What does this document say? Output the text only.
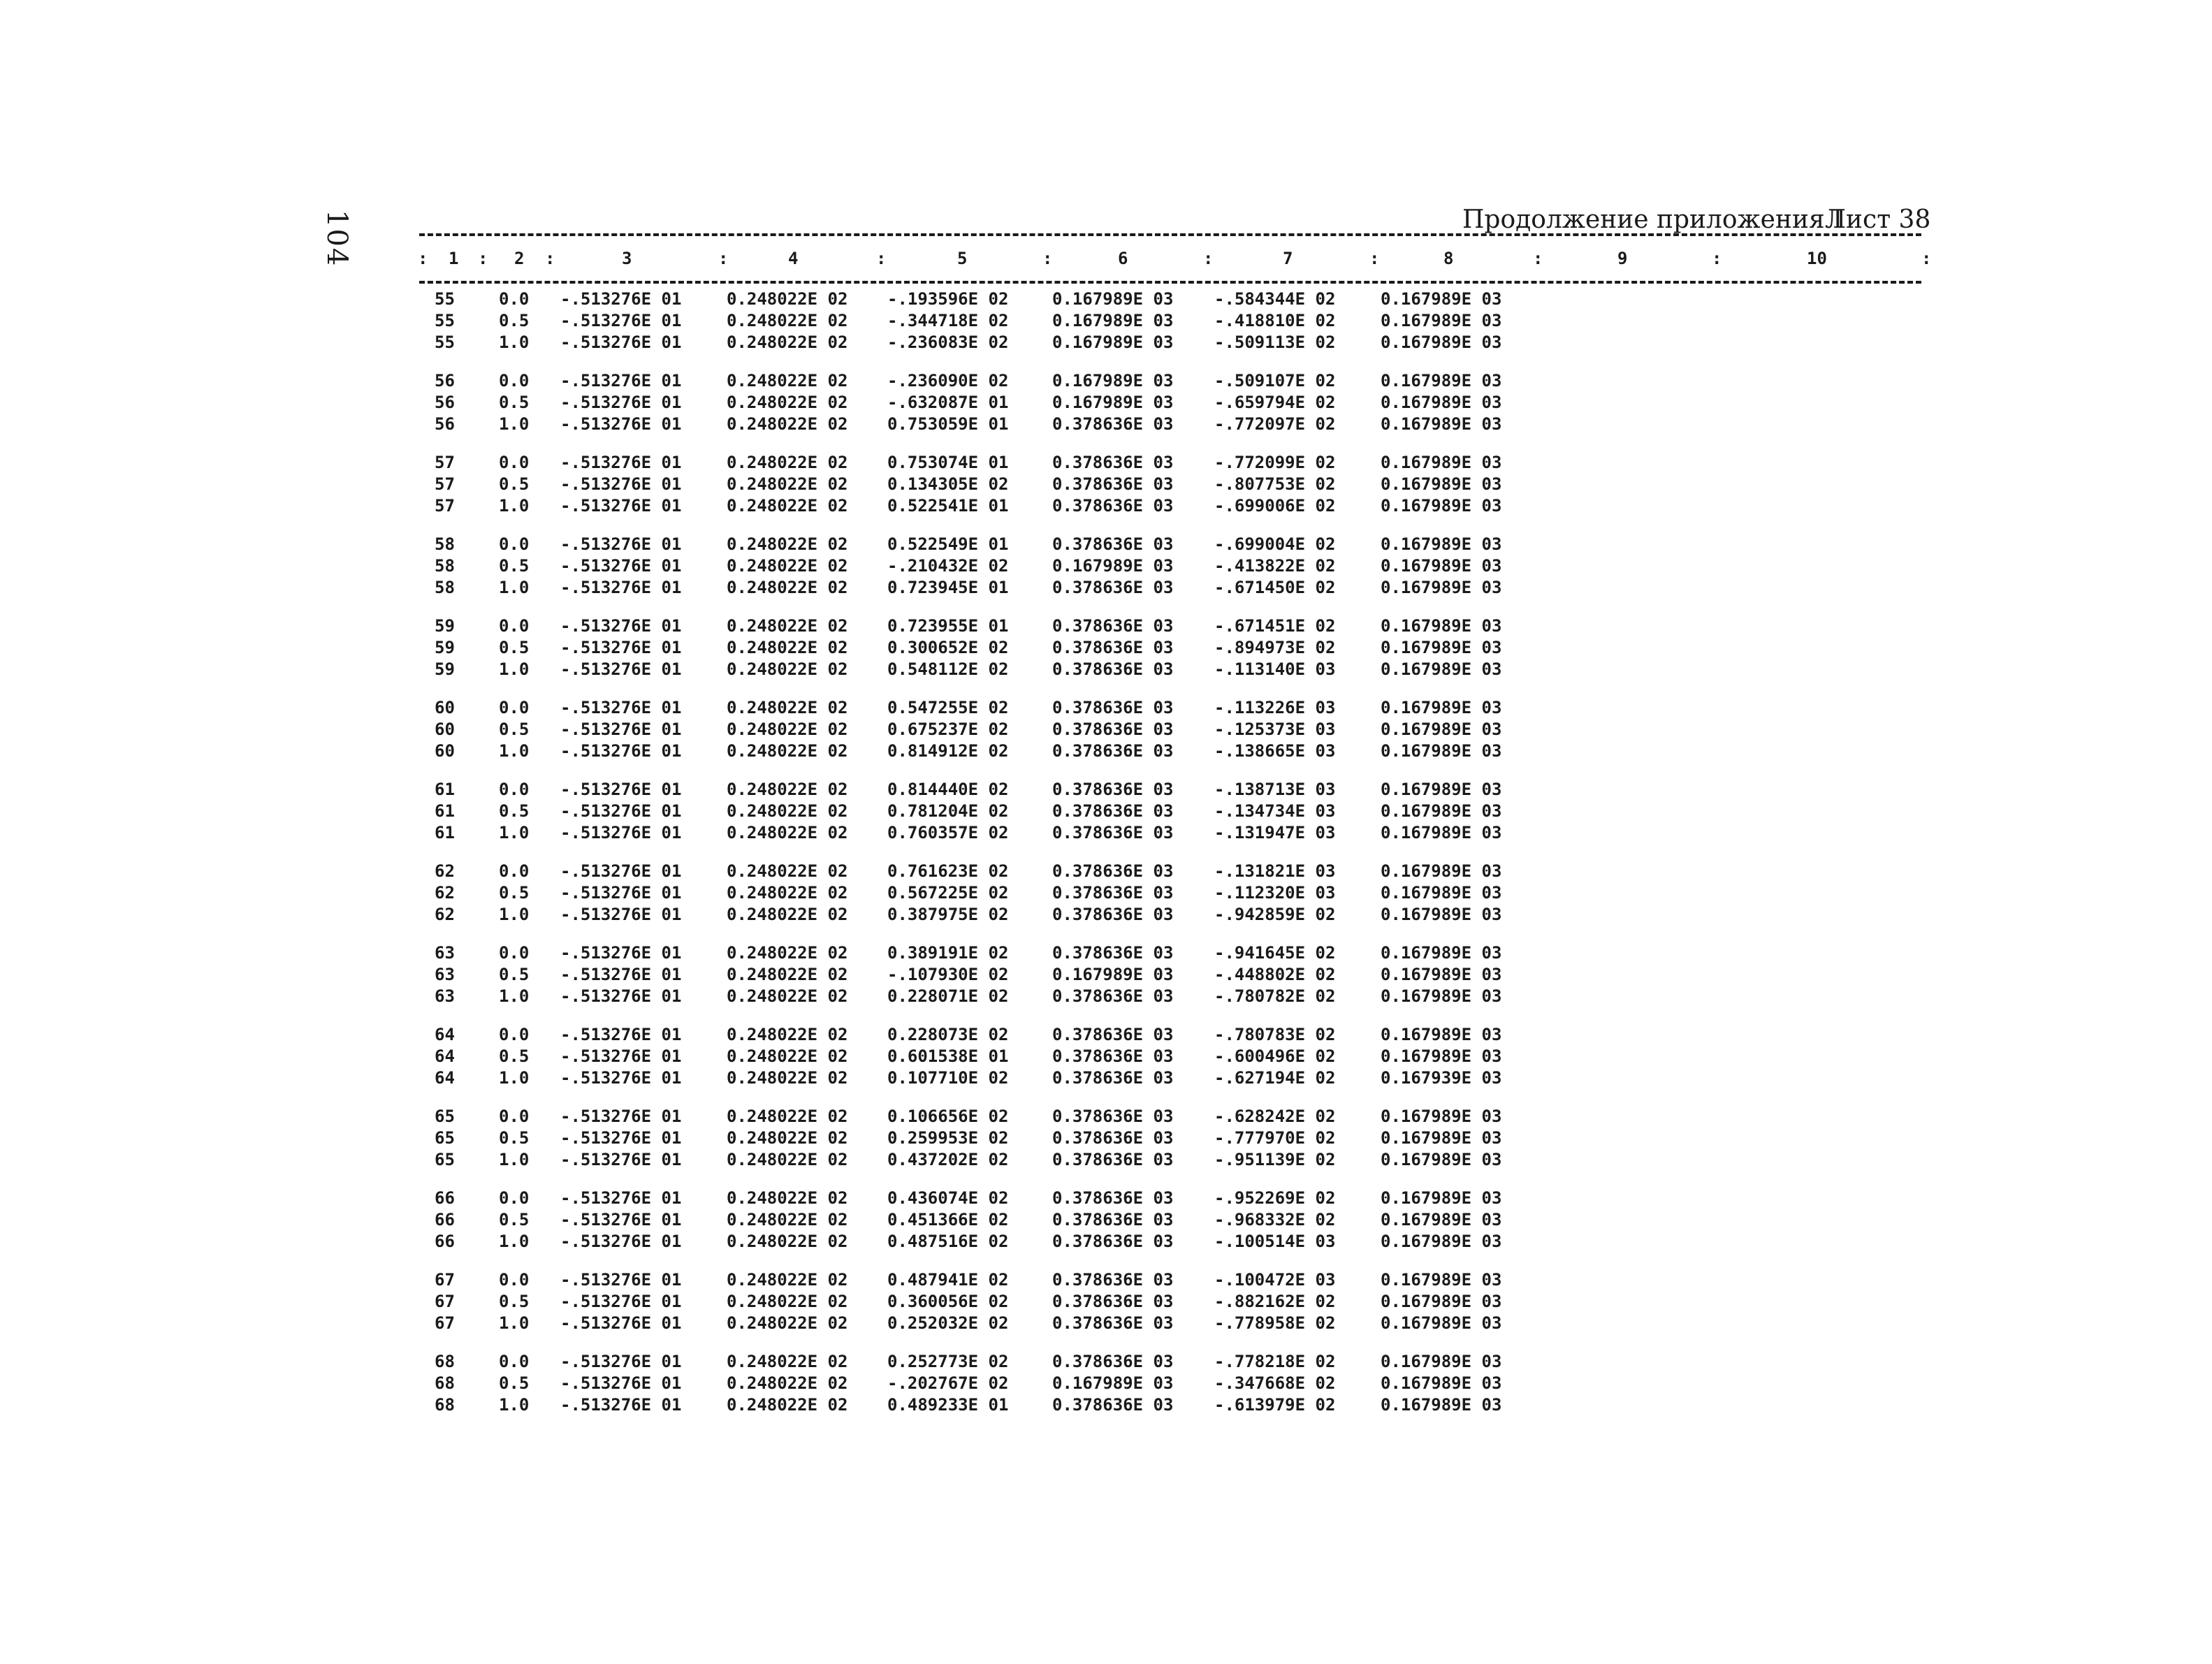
104	Продолжение приложения I
Лист 38
:	:	:	:	:	:	:	:	:	:	:
1	2	3	4	5	6	7	8	9	10
55	0.0 -.513276E 01	0.248022E 02 -.193596E 02	0.167989E 03 -.584344E 02	0.167989E 03
55	0.5 -.513276E 01	0.248022E 02 -.344718E 02	0.167989E 03 -.418810E 02	0.167989E 03
55	1.0 -.513276E 01	0.248022E 02 -.236083E 02	0.167989E 03 -.509113E 02	0.167989E 03
56	0.0 -.513276E 01	0.248022E 02 -.236090E 02	0.167989E 03 -.509107E 02	0.167989E 03
56	0.5 -.513276E 01	0.248022E 02 -.632087E 01	0.167989E 03 -.659794E 02	0.167989E 03
56	1.0 -.513276E 01	0.248022E 02 0.753059E 01	0.378636E 03 -.772097E 02	0.167989E 03
57	0.0 -.513276E 01	0.248022E 02 0.753074E 01	0.378636E 03 -.772099E 02	0.167989E 03
57	0.5 -.513276E 01	0.248022E 02 0.134305E 02	0.378636E 03 -.807753E 02	0.167989E 03
57	1.0 -.513276E 01	0.248022E 02 0.522541E 01	0.378636E 03 -.699006E 02	0.167989E 03
58	0.0 -.513276E 01	0.248022E 02 0.522549E 01	0.378636E 03 -.699004E 02	0.167989E 03
58	0.5 -.513276E 01	0.248022E 02 -.210432E 02	0.167989E 03 -.413822E 02	0.167989E 03
58	1.0 -.513276E 01	0.248022E 02 0.723945E 01	0.378636E 03 -.671450E 02	0.167989E 03
59	0.0 -.513276E 01	0.248022E 02 0.723955E 01	0.378636E 03 -.671451E 02	0.167989E 03
59	0.5 -.513276E 01	0.248022E 02 0.300652E 02	0.378636E 03 -.894973E 02	0.167989E 03
59	1.0 -.513276E 01	0.248022E 02 0.548112E 02	0.378636E 03 -.113140E 03	0.167989E 03
60	0.0 -.513276E 01	0.248022E 02 0.547255E 02	0.378636E 03 -.113226E 03	0.167989E 03
60	0.5 -.513276E 01	0.248022E 02 0.675237E 02	0.378636E 03 -.125373E 03	0.167989E 03
60	1.0 -.513276E 01	0.248022E 02 0.814912E 02	0.378636E 03 -.138665E 03	0.167989E 03
61	0.0 -.513276E 01	0.248022E 02 0.814440E 02	0.378636E 03 -.138713E 03	0.167989E 03
61	0.5 -.513276E 01	0.248022E 02 0.781204E 02	0.378636E 03 -.134734E 03	0.167989E 03
61	1.0 -.513276E 01	0.248022E 02 0.760357E 02	0.378636E 03 -.131947E 03	0.167989E 03
62	0.0 -.513276E 01	0.248022E 02 0.761623E 02	0.378636E 03 -.131821E 03	0.167989E 03
62	0.5 -.513276E 01	0.248022E 02 0.567225E 02	0.378636E 03 -.112320E 03	0.167989E 03
62	1.0 -.513276E 01	0.248022E 02 0.387975E 02	0.378636E 03 -.942859E 02	0.167989E 03
63	0.0 -.513276E 01	0.248022E 02 0.389191E 02	0.378636E 03 -.941645E 02	0.167989E 03
63	0.5 -.513276E 01	0.248022E 02 -.107930E 02	0.167989E 03 -.448802E 02	0.167989E 03
63	1.0 -.513276E 01	0.248022E 02 0.228071E 02	0.378636E 03 -.780782E 02	0.167989E 03
64	0.0 -.513276E 01	0.248022E 02 0.228073E 02	0.378636E 03 -.780783E 02	0.167989E 03
64	0.5 -.513276E 01	0.248022E 02 0.601538E 01	0.378636E 03 -.600496E 02	0.167989E 03
64	1.0 -.513276E 01	0.248022E 02 0.107710E 02	0.378636E 03 -.627194E 02	0.167939E 03
65	0.0 -.513276E 01	0.248022E 02 0.106656E 02	0.378636E 03 -.628242E 02	0.167989E 03
65	0.5 -.513276E 01	0.248022E 02 0.259953E 02	0.378636E 03 -.777970E 02	0.167989E 03
65	1.0 -.513276E 01	0.248022E 02 0.437202E 02	0.378636E 03 -.951139E 02	0.167989E 03
66	0.0 -.513276E 01	0.248022E 02 0.436074E 02	0.378636E 03 -.952269E 02	0.167989E 03
66	0.5 -.513276E 01	0.248022E 02 0.451366E 02	0.378636E 03 -.968332E 02	0.167989E 03
66	1.0 -.513276E 01	0.248022E 02 0.487516E 02	0.378636E 03 -.100514E 03	0.167989E 03
67	0.0 -.513276E 01	0.248022E 02 0.487941E 02	0.378636E 03 -.100472E 03	0.167989E 03
67	0.5 -.513276E 01	0.248022E 02 0.360056E 02	0.378636E 03 -.882162E 02	0.167989E 03
67	1.0 -.513276E 01	0.248022E 02 0.252032E 02	0.378636E 03 -.778958E 02	0.167989E 03
68	0.0 -.513276E 01	0.248022E 02 0.252773E 02	0.378636E 03 -.778218E 02	0.167989E 03
68	0.5 -.513276E 01	0.248022E 02 -.202767E 02	0.167989E 03 -.347668E 02	0.167989E 03
68	1.0 -.513276E 01	0.248022E 02 0.489233E 01	0.378636E 03 -.613979E 02	0.167989E 03
